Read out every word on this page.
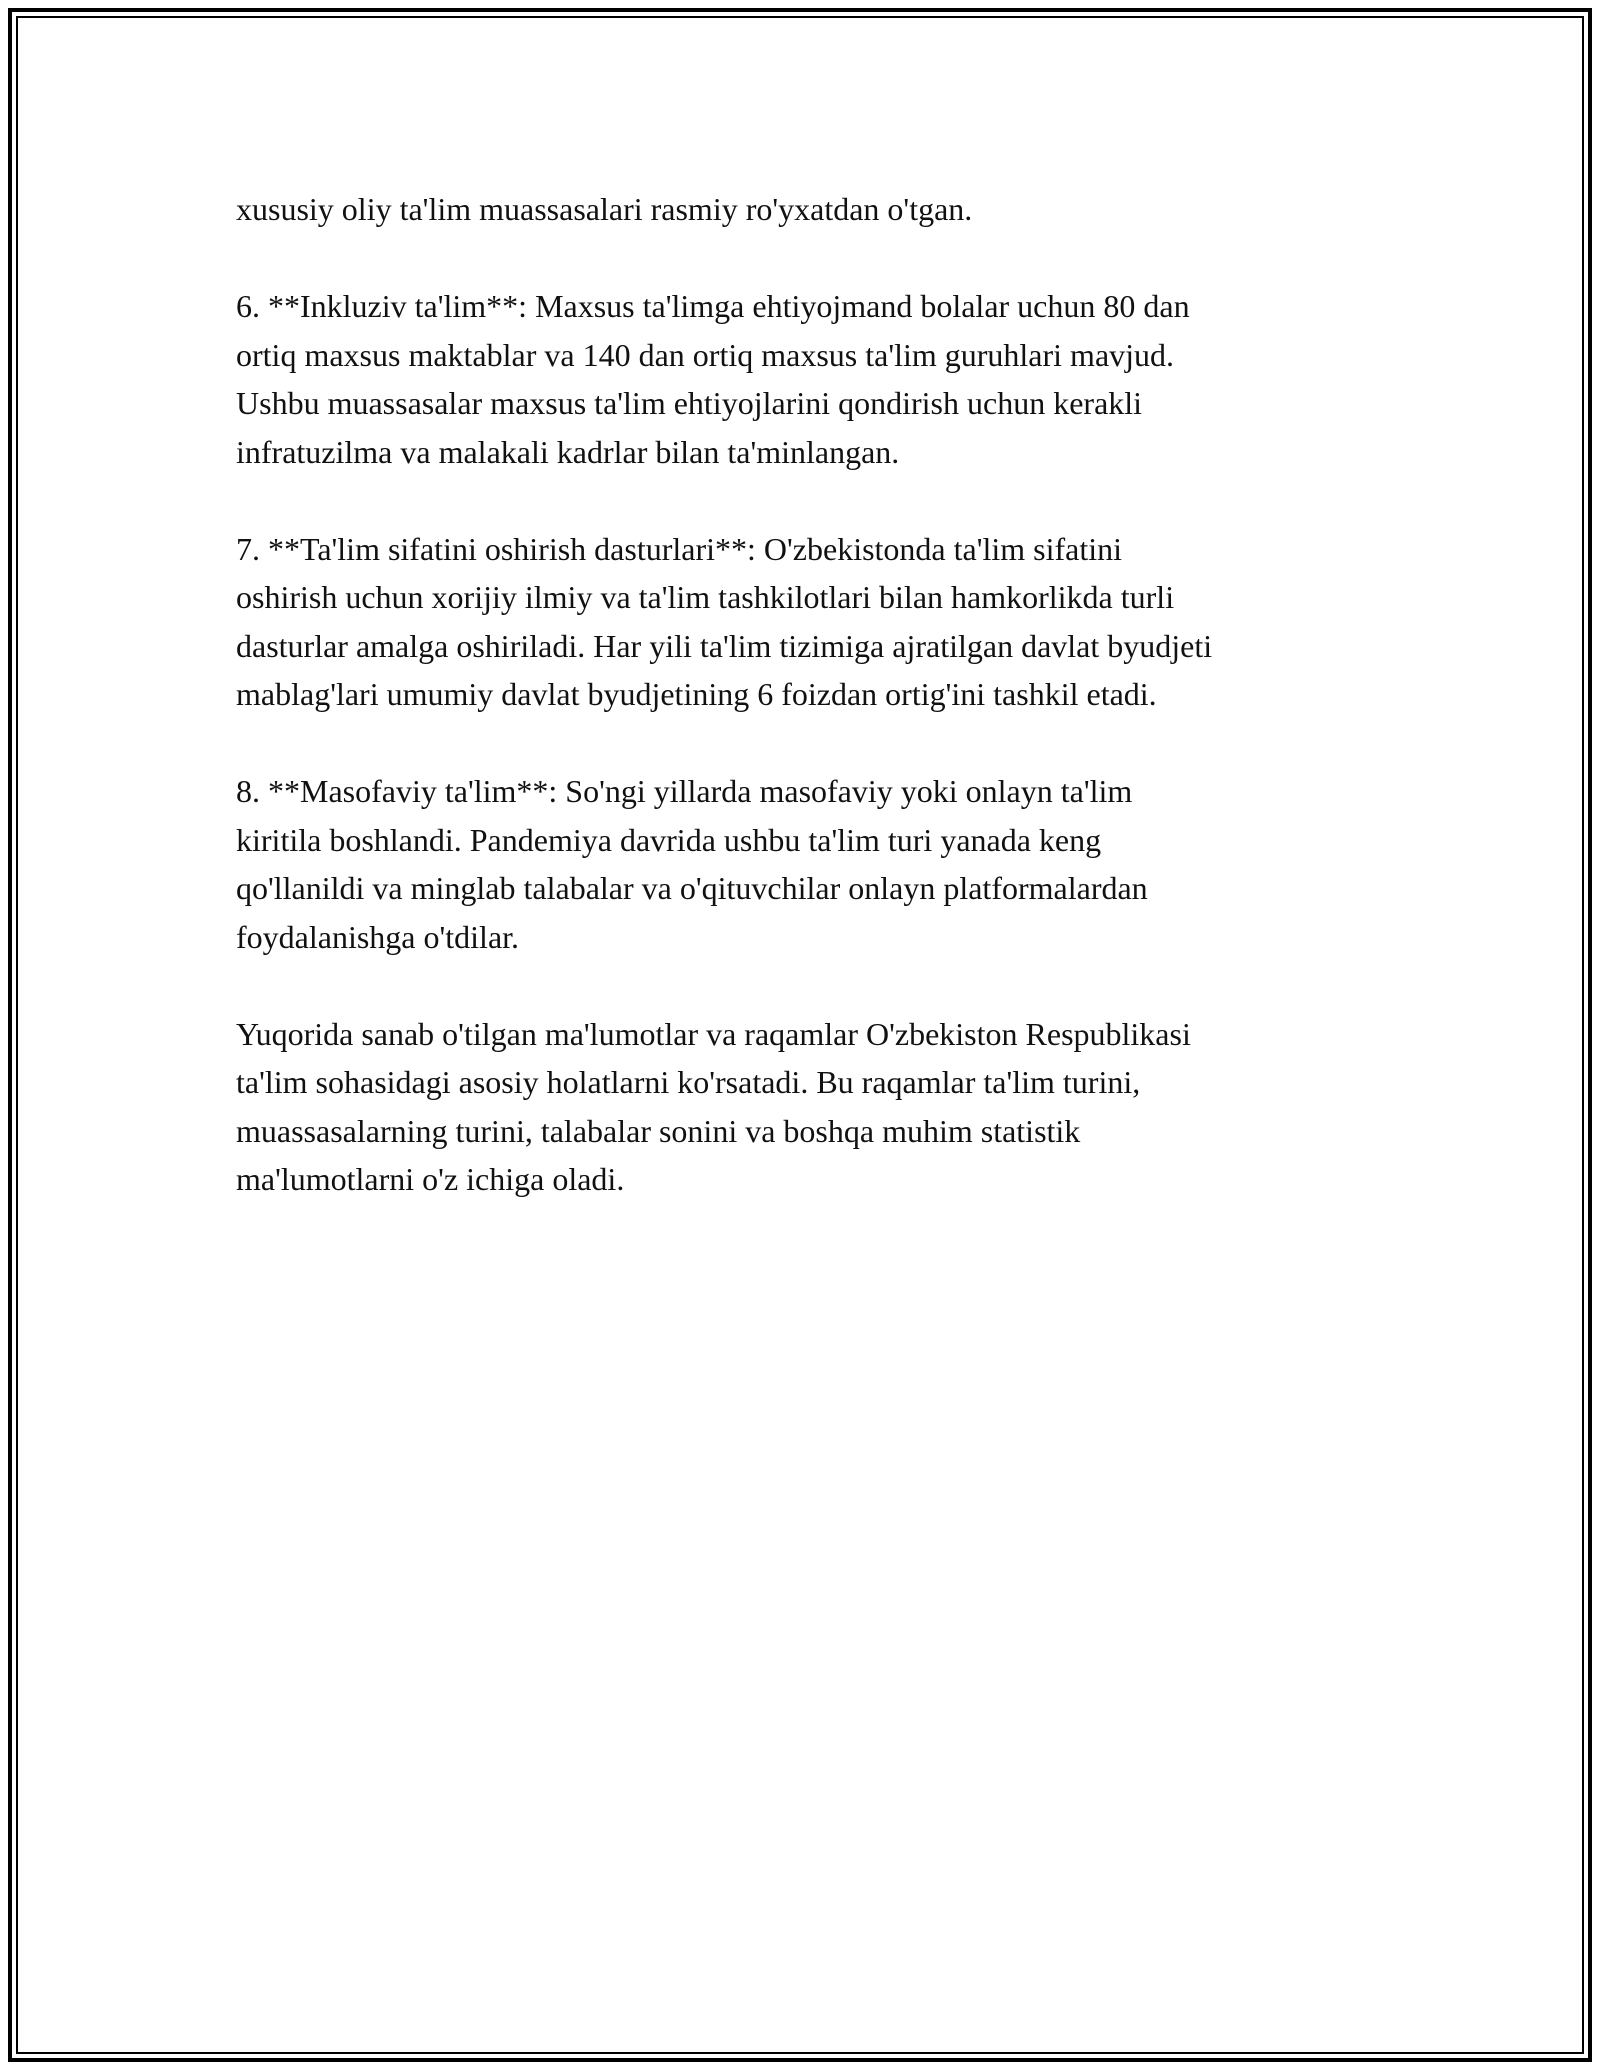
xususiy oliy ta'lim muassasalari rasmiy ro'yxatdan o'tgan.

6. **Inkluziv ta'lim**: Maxsus ta'limga ehtiyojmand bolalar uchun 80 dan
ortiq maxsus maktablar va 140 dan ortiq maxsus ta'lim guruhlari mavjud.
Ushbu muassasalar maxsus ta'lim ehtiyojlarini qondirish uchun kerakli
infratuzilma va malakali kadrlar bilan ta'minlangan.

7. **Ta'lim sifatini oshirish dasturlari**: O'zbekistonda ta'lim sifatini
oshirish uchun xorijiy ilmiy va ta'lim tashkilotlari bilan hamkorlikda turli
dasturlar amalga oshiriladi. Har yili ta'lim tizimiga ajratilgan davlat byudjeti
mablag'lari umumiy davlat byudjetining 6 foizdan ortig'ini tashkil etadi.

8. **Masofaviy ta'lim**: So'ngi yillarda masofaviy yoki onlayn ta'lim
kiritila boshlandi. Pandemiya davrida ushbu ta'lim turi yanada keng
qo'llanildi va minglab talabalar va o'qituvchilar onlayn platformalardan
foydalanishga o'tdilar.

Yuqorida sanab o'tilgan ma'lumotlar va raqamlar O'zbekiston Respublikasi
ta'lim sohasidagi asosiy holatlarni ko'rsatadi. Bu raqamlar ta'lim turini,
muassasalarning turini, talabalar sonini va boshqa muhim statistik
ma'lumotlarni o'z ichiga oladi.
